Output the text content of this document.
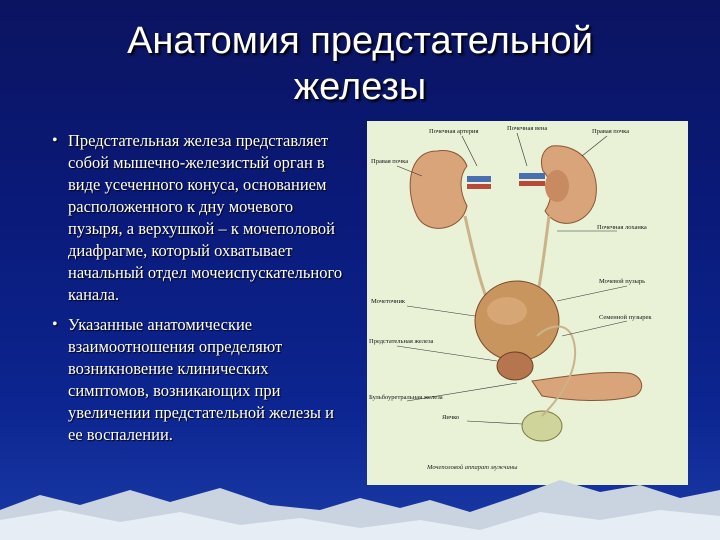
Анатомия предстательной
железы
• Предстательная железа представляет собой мышечно-железистый орган в виде усеченного конуса, основанием расположенного к дну мочевого пузыря, а верхушкой – к мочеполовой диафрагме, который охватывает начальный отдел мочеиспускательного канала.
• Указанные анатомические взаимоотношения определяют возникновение клинических симптомов, возникающих при увеличении предстательной железы и ее воспалении.
Почечная артерия	Почечная вена	Правая почка
Правая почка
Почечная лоханка
Мочеточник
Мочевой пузырь
Предстательная железа
Семенной пузырек
Бульбоуретральная железа
Яичко
Мочеполовой аппарат мужчины
